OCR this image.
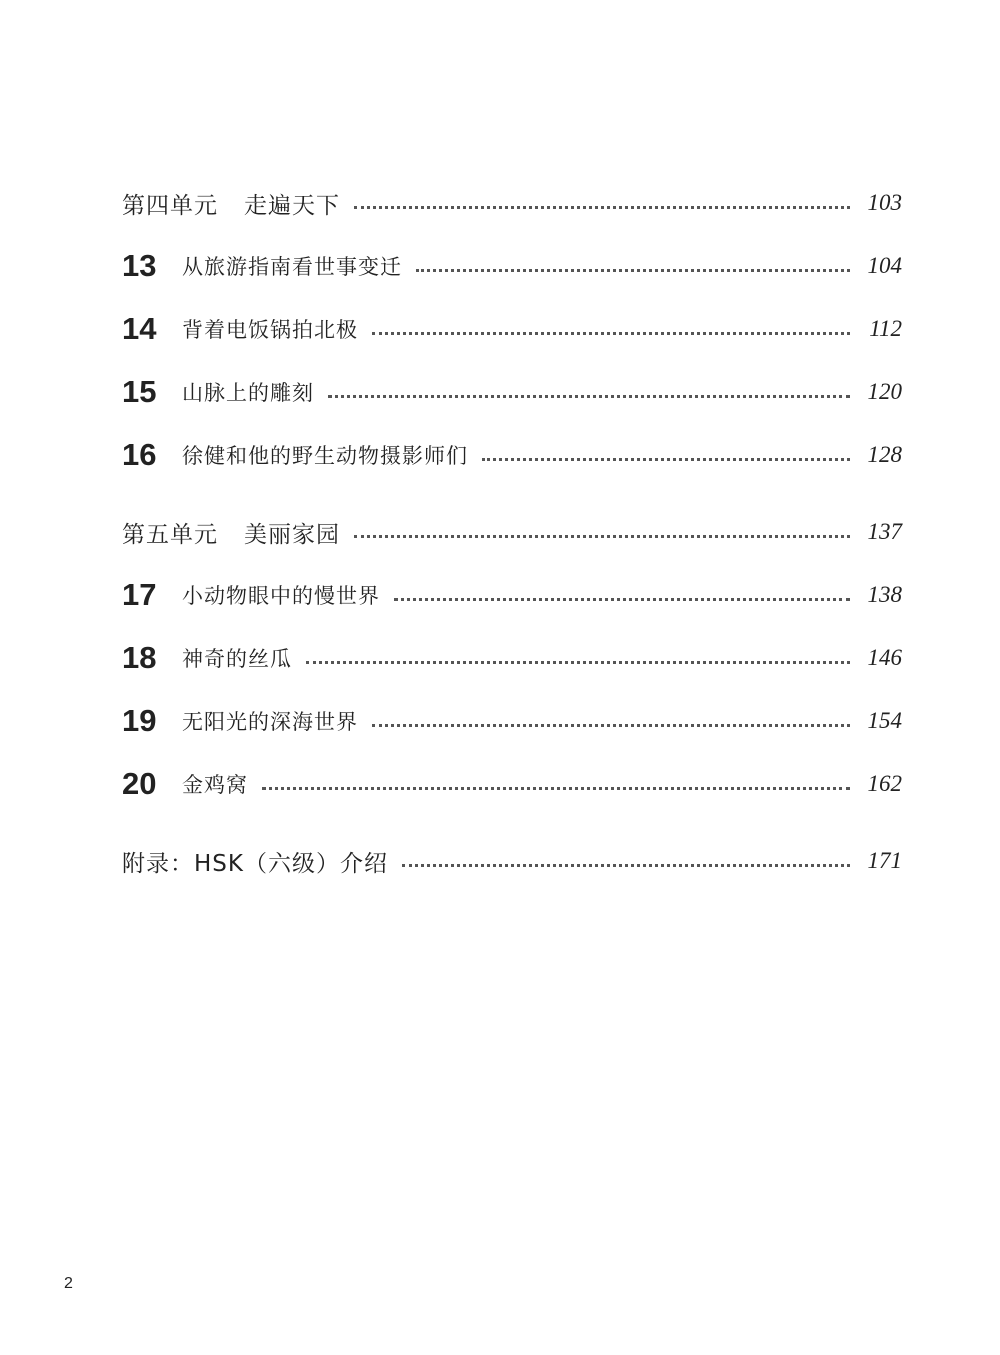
第四单元 走遍天下	103
13	从旅游指南看世事变迁	104
14	背着电饭锅拍北极	112
15	山脉上的雕刻	120
16	徐健和他的野生动物摄影师们	128
第五单元 美丽家园	137
17	小动物眼中的慢世界	138
18	神奇的丝瓜	146
19	无阳光的深海世界	154
20	金鸡窝	162
附录：HSK（六级）介绍	171
2
